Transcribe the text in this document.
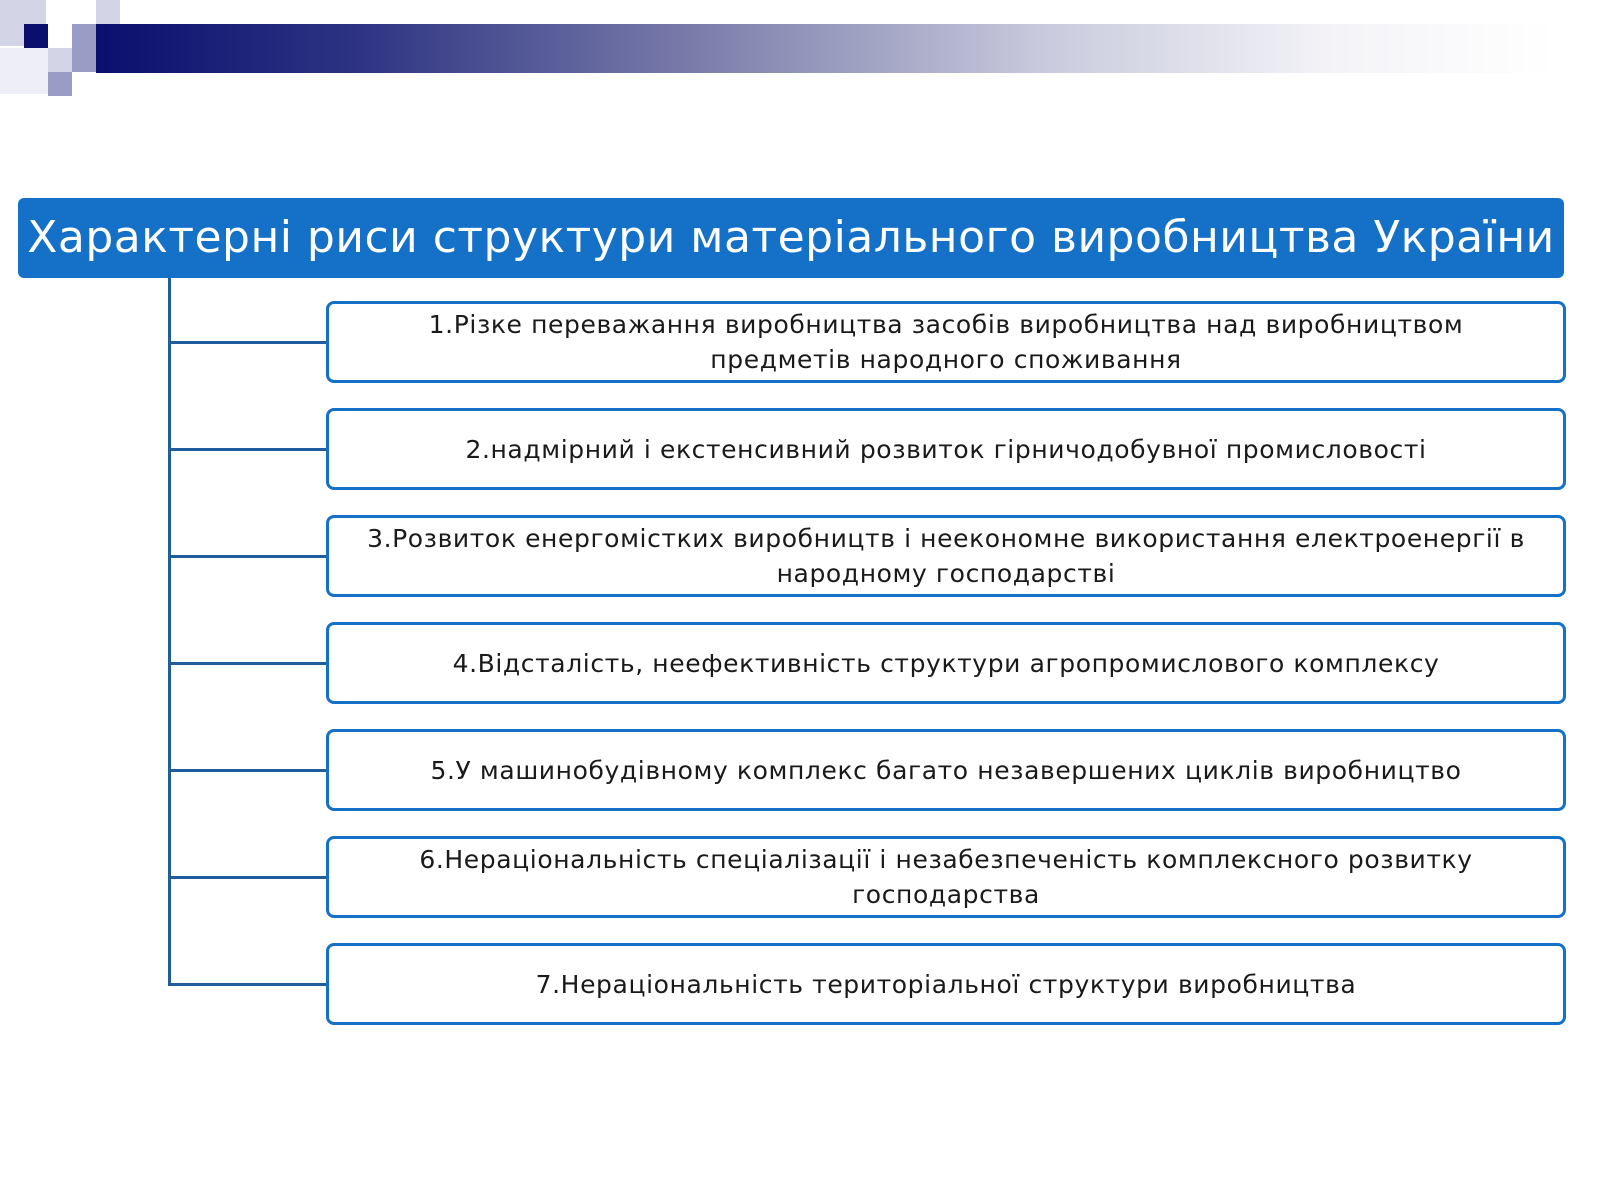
Характерні риси структури матеріального виробництва України
1.Різке переважання виробництва засобів виробництва над виробництвом предметів народного споживання
2.надмірний і екстенсивний розвиток гірничодобувної промисловості
3.Розвиток енергомістких виробництв і неекономне використання електроенергії в народному господарстві
4.Відсталість, неефективність структури агропромислового комплексу
5.У машинобудівному комплекс багато незавершених циклів виробництво
6.Нераціональність спеціалізації і незабезпеченість комплексного розвитку господарства
7.Нераціональність територіальної структури виробництва
